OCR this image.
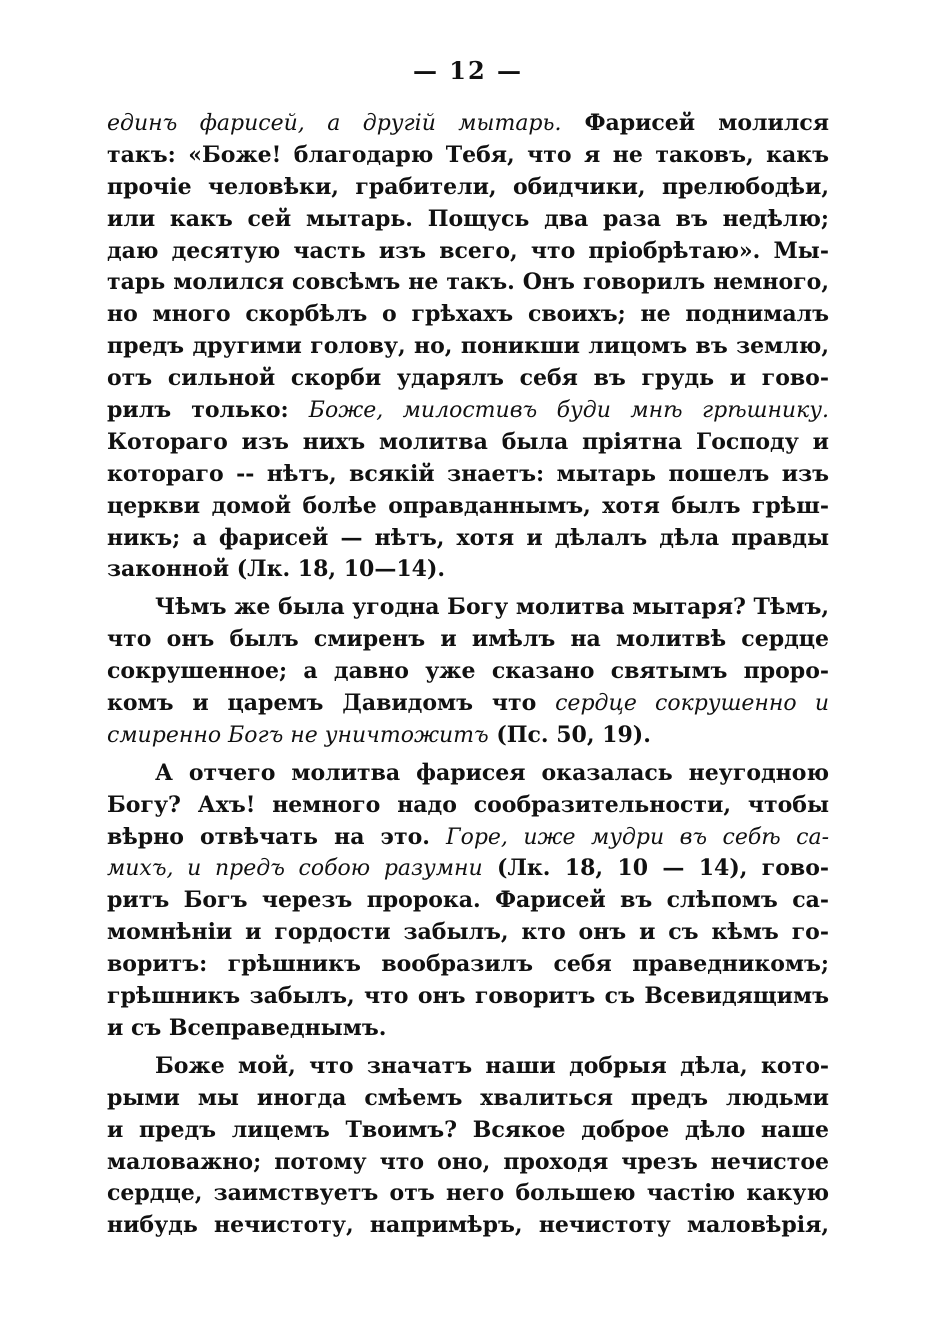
— 12 —
единъ фарисей, а другій мытарь. Фарисей молился
такъ: «Боже! благодарю Тебя, что я не таковъ, какъ
прочіе человѣки, грабители, обидчики, прелюбодѣи,
или какъ сей мытарь. Пощусь два раза въ недѣлю;
даю десятую часть изъ всего, что пріобрѣтаю». Мы-
тарь молился совсѣмъ не такъ. Онъ говорилъ немного,
но много скорбѣлъ о грѣхахъ своихъ; не поднималъ
предъ другими голову, но, поникши лицомъ въ землю,
отъ сильной скорби ударялъ себя въ грудь и гово-
рилъ только: Боже, милостивъ буди мнѣ грѣшнику.
Котораго изъ нихъ молитва была пріятна Господу и
котораго -- нѣтъ, всякій знаетъ: мытарь пошелъ изъ
церкви домой болѣе оправданнымъ, хотя былъ грѣш-
никъ; а фарисей — нѣтъ, хотя и дѣлалъ дѣла правды
законной (Лк. 18, 10—14).
Чѣмъ же была угодна Богу молитва мытаря? Тѣмъ,
что онъ былъ смиренъ и имѣлъ на молитвѣ сердце
сокрушенное; а давно уже сказано святымъ проро-
комъ и царемъ Давидомъ что сердце сокрушенно и
смиренно Богъ не уничтожитъ (Пс. 50, 19).
А отчего молитва фарисея оказалась неугодною
Богу? Ахъ! немного надо сообразительности, чтобы
вѣрно отвѣчать на это. Горе, иже мудри въ себѣ са-
михъ, и предъ собою разумни (Лк. 18, 10 — 14), гово-
ритъ Богъ черезъ пророка. Фарисей въ слѣпомъ са-
момнѣніи и гордости забылъ, кто онъ и съ кѣмъ го-
воритъ: грѣшникъ вообразилъ себя праведникомъ;
грѣшникъ забылъ, что онъ говоритъ съ Всевидящимъ
и съ Всеправеднымъ.
Боже мой, что значатъ наши добрыя дѣла, кото-
рыми мы иногда смѣемъ хвалиться предъ людьми
и предъ лицемъ Твоимъ? Всякое доброе дѣло наше
маловажно; потому что оно, проходя чрезъ нечистое
сердце, заимствуетъ отъ него большею частію какую
нибудь нечистоту, напримѣръ, нечистоту маловѣрія,
